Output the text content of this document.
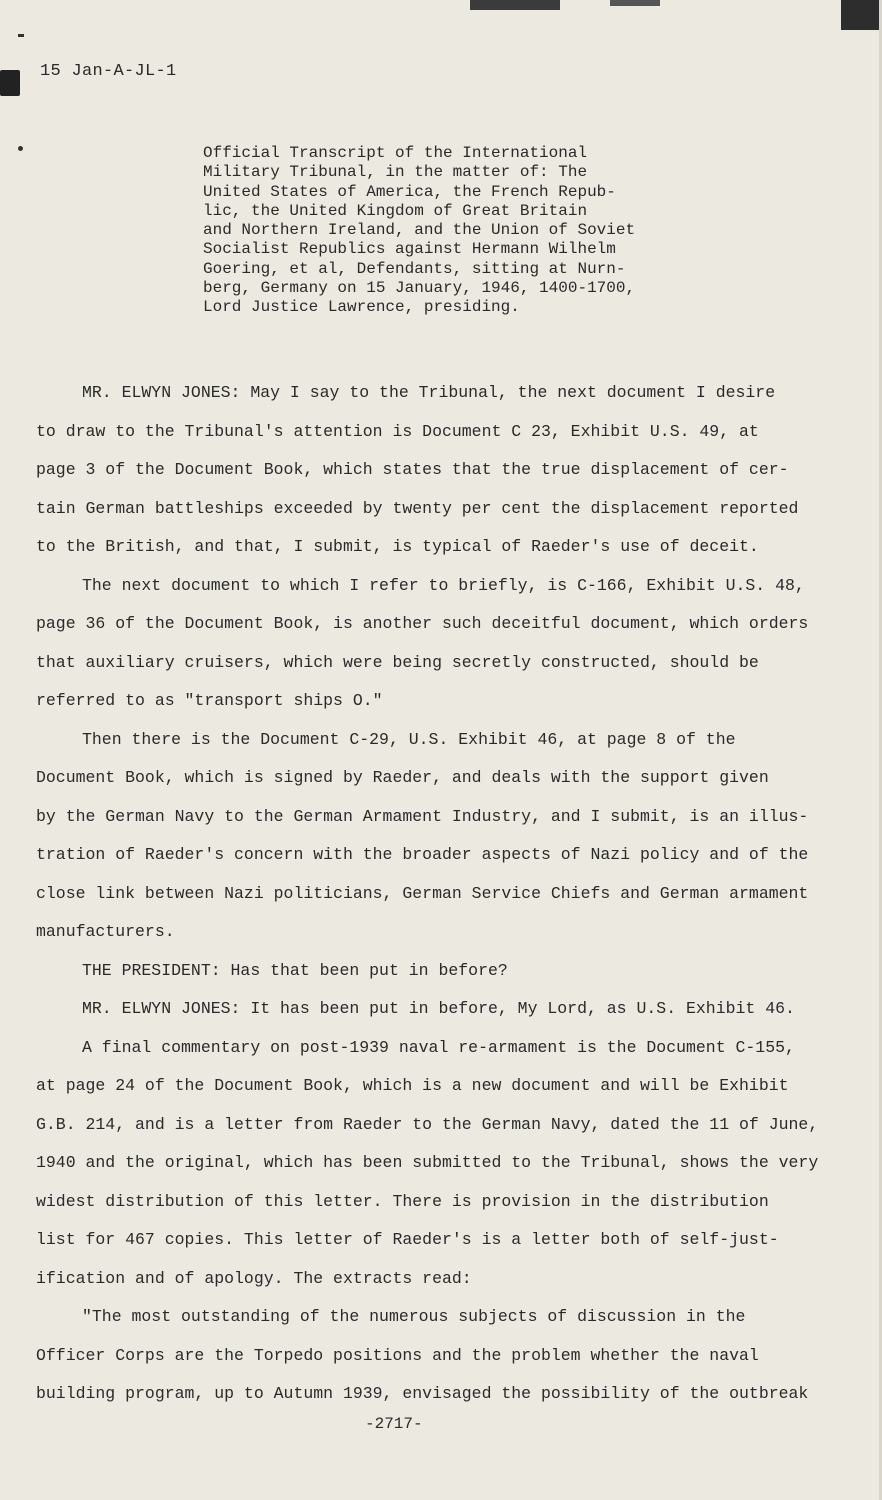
15 Jan-A-JL-1
Official Transcript of the International
Military Tribunal, in the matter of: The
United States of America, the French Repub-
lic, the United Kingdom of Great Britain
and Northern Ireland, and the Union of Soviet
Socialist Republics against Hermann Wilhelm
Goering, et al, Defendants, sitting at Nurn-
berg, Germany on 15 January, 1946, 1400-1700,
Lord Justice Lawrence, presiding.
MR. ELWYN JONES: May I say to the Tribunal, the next document I desire
to draw to the Tribunal's attention is Document C 23, Exhibit U.S. 49, at
page 3 of the Document Book, which states that the true displacement of cer-
tain German battleships exceeded by twenty per cent the displacement reported
to the British, and that, I submit, is typical of Raeder's use of deceit.
The next document to which I refer to briefly, is C-166, Exhibit U.S. 48,
page 36 of the Document Book, is another such deceitful document, which orders
that auxiliary cruisers, which were being secretly constructed, should be
referred to as "transport ships O."
Then there is the Document C-29, U.S. Exhibit 46, at page 8 of the
Document Book, which is signed by Raeder, and deals with the support given
by the German Navy to the German Armament Industry, and I submit, is an illus-
tration of Raeder's concern with the broader aspects of Nazi policy and of the
close link between Nazi politicians, German Service Chiefs and German armament
manufacturers.
THE PRESIDENT: Has that been put in before?
MR. ELWYN JONES: It has been put in before, My Lord, as U.S. Exhibit 46.
A final commentary on post-1939 naval re-armament is the Document C-155,
at page 24 of the Document Book, which is a new document and will be Exhibit
G.B. 214, and is a letter from Raeder to the German Navy, dated the 11 of June,
1940 and the original, which has been submitted to the Tribunal, shows the very
widest distribution of this letter. There is provision in the distribution
list for 467 copies. This letter of Raeder's is a letter both of self-just-
ification and of apology. The extracts read:
"The most outstanding of the numerous subjects of discussion in the
Officer Corps are the Torpedo positions and the problem whether the naval
building program, up to Autumn 1939, envisaged the possibility of the outbreak
-2717-
